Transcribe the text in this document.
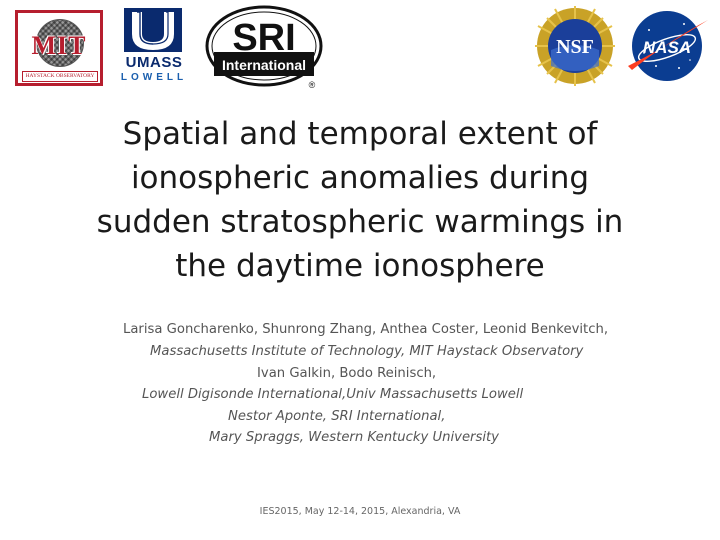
MIT
HAYSTACK OBSERVATORY
UMASS
LOWELL
SRI
International
®
NSF	NASA
Spatial and temporal extent of
ionospheric anomalies during
sudden stratospheric warmings in
the daytime ionosphere
Larisa Goncharenko, Shunrong Zhang, Anthea Coster, Leonid Benkevitch,
Massachusetts Institute of Technology, MIT Haystack Observatory
Ivan Galkin, Bodo Reinisch,
Lowell Digisonde International,Univ Massachusetts Lowell
Nestor Aponte, SRI International,
Mary Spraggs, Western Kentucky University
IES2015, May 12-14, 2015, Alexandria, VA
